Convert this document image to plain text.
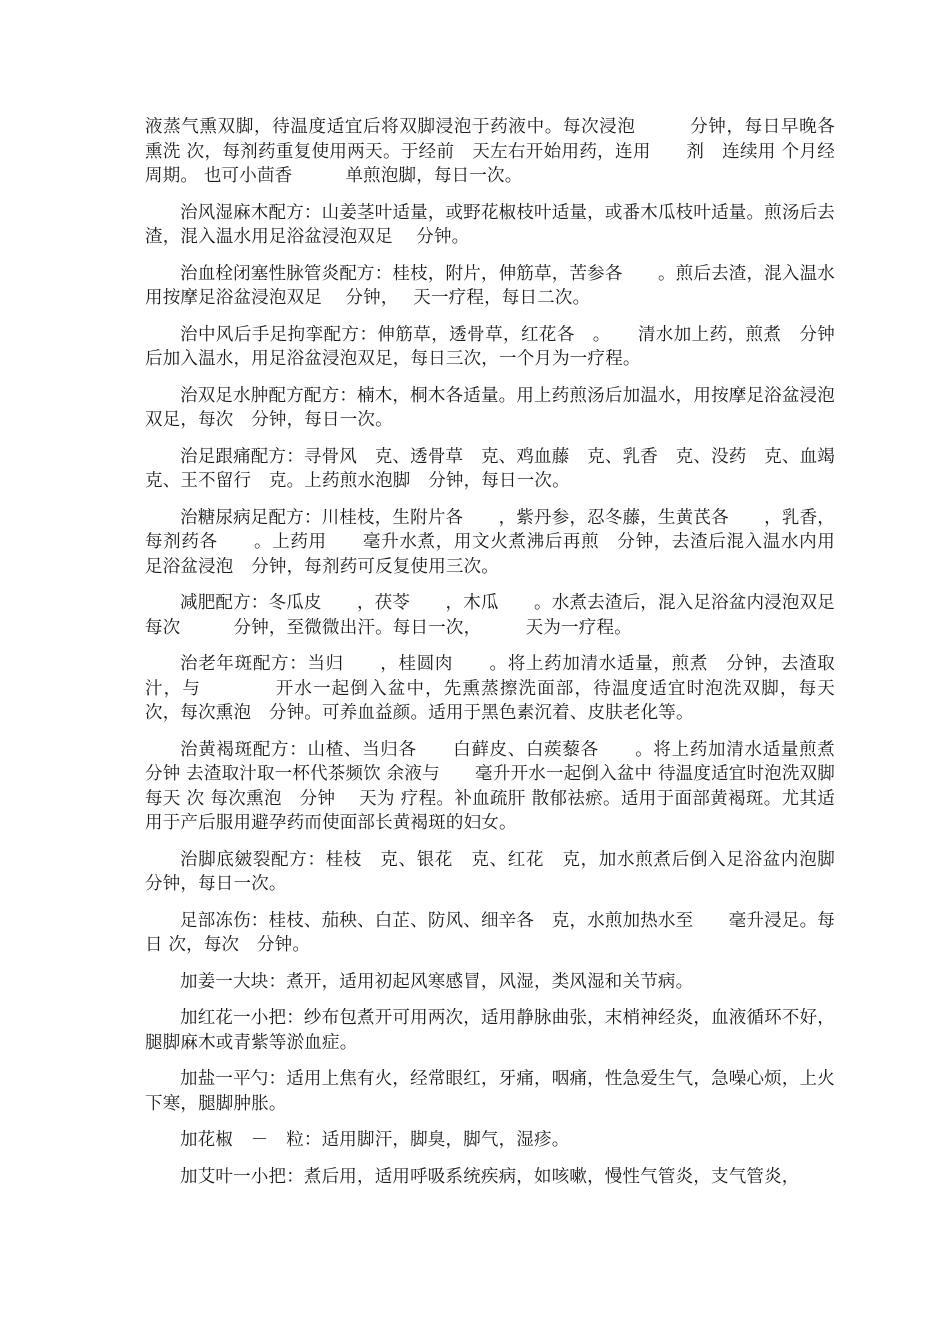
液蒸气熏双脚，待温度适宜后将双脚浸泡于药液中。每次浸泡　　　分钟，每日早晚各熏洗 次，每剂药重复使用两天。于经前　天左右开始用药，连用　　剂　连续用 个月经周期。 也可小茴香　　　单煎泡脚，每日一次。

治风湿麻木配方：山姜茎叶适量，或野花椒枝叶适量，或番木瓜枝叶适量。煎汤后去渣，混入温水用足浴盆浸泡双足　 分钟。

治血栓闭塞性脉管炎配方：桂枝，附片，伸筋草，苦参各　　。煎后去渣，混入温水用按摩足浴盆浸泡双足　 分钟，　 天一疗程，每日二次。

治中风后手足拘挛配方：伸筋草，透骨草，红花各　。　　清水加上药，煎煮　分钟后加入温水，用足浴盆浸泡双足，每日三次，一个月为一疗程。

治双足水肿配方配方：楠木，桐木各适量。用上药煎汤后加温水，用按摩足浴盆浸泡双足，每次　分钟，每日一次。

治足跟痛配方：寻骨风　克、透骨草　克、鸡血藤　克、乳香　克、没药　克、血竭　克、王不留行　克。上药煎水泡脚　分钟，每日一次。

治糖尿病足配方：川桂枝，生附片各　　，紫丹参，忍冬藤，生黄芪各　　，乳香，每剂药各　　。上药用　　毫升水煮，用文火煮沸后再煎　分钟，去渣后混入温水内用足浴盆浸泡　分钟，每剂药可反复使用三次。

减肥配方：冬瓜皮　　，茯苓　　，木瓜　　。水煮去渣后，混入足浴盆内浸泡双足每次　　　分钟，至微微出汗。每日一次，　　　天为一疗程。

治老年斑配方：当归　　，桂圆肉　　。将上药加清水适量，煎煮　分钟，去渣取汁，与　　　　开水一起倒入盆中，先熏蒸擦洗面部，待温度适宜时泡洗双脚，每天 次，每次熏泡　分钟。可养血益颜。适用于黑色素沉着、皮肤老化等。

治黄褐斑配方：山楂、当归各　　白藓皮、白蒺藜各　　。将上药加清水适量煎煮　分钟 去渣取汁取一杯代茶频饮 余液与　　毫升开水一起倒入盆中 待温度适宜时泡洗双脚 每天 次 每次熏泡　分钟　 天为 疗程。补血疏肝 散郁祛瘀。适用于面部黄褐斑。尤其适用于产后服用避孕药而使面部长黄褐斑的妇女。

治脚底皴裂配方：桂枝　克、银花　克、红花　克，加水煎煮后倒入足浴盆内泡脚　分钟，每日一次。

足部冻伤：桂枝、茄秧、白芷、防风、细辛各　克，水煎加热水至　　毫升浸足。每日 次，每次　分钟。

加姜一大块：煮开，适用初起风寒感冒，风湿，类风湿和关节病。

加红花一小把：纱布包煮开可用两次，适用静脉曲张，末梢神经炎，血液循环不好，腿脚麻木或青紫等淤血症。

加盐一平勺：适用上焦有火，经常眼红，牙痛，咽痛，性急爱生气，急噪心烦，上火下寒，腿脚肿胀。

加花椒　－　粒：适用脚汗，脚臭，脚气，湿疹。

加艾叶一小把：煮后用，适用呼吸系统疾病，如咳嗽，慢性气管炎，支气管炎，
